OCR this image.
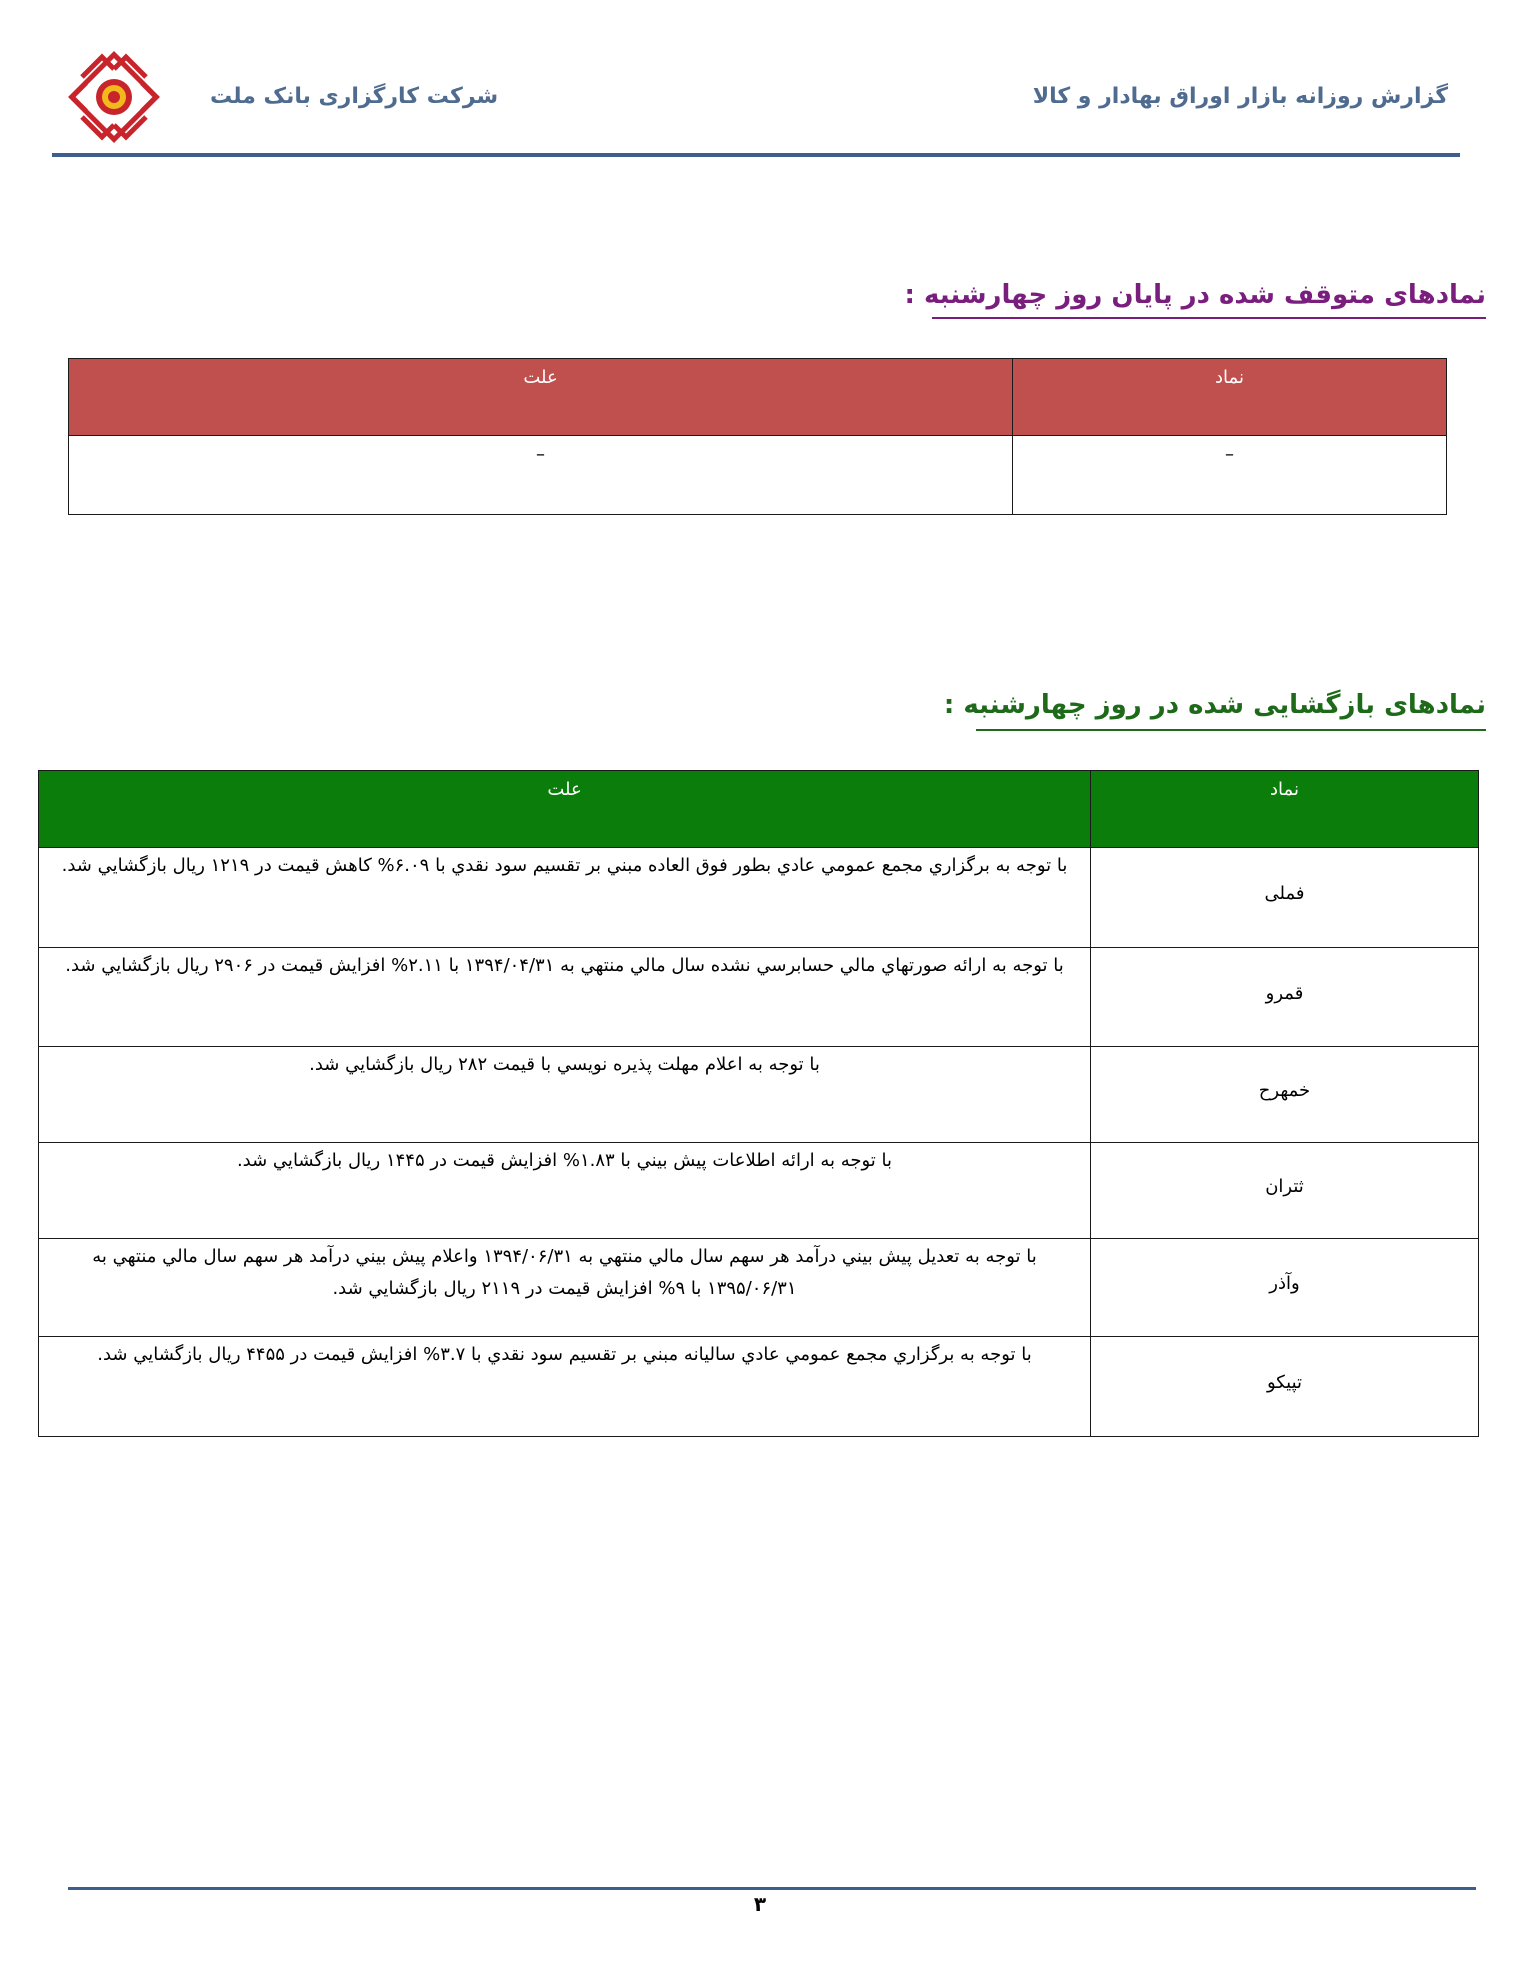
شرکت کارگزاری بانک ملت	گزارش روزانه بازار اوراق بهادار و کالا
نمادهای متوقف شده در پایان روز چهارشنبه :
نماد	علت
–	–
نمادهای بازگشایی شده در روز چهارشنبه :
نماد	علت
فملی	با توجه به برگزاري مجمع عمومي عادي بطور فوق العاده مبني بر تقسيم سود نقدي با ۶.۰۹% كاهش قيمت در ۱۲۱۹ ريال بازگشايي شد.
قمرو	با توجه به ارائه صورتهاي مالي حسابرسي نشده سال مالي منتهي به ۱۳۹۴/۰۴/۳۱ با ۲.۱۱% افزايش قيمت در ۲۹۰۶ ريال بازگشايي شد.
خمهرح	با توجه به اعلام مهلت پذيره نويسي با قيمت ۲۸۲ ريال بازگشايي شد.
ثتران	با توجه به ارائه اطلاعات پيش بيني با ۱.۸۳% افزايش قيمت در ۱۴۴۵ ريال بازگشايي شد.
وآذر	با توجه به تعديل پيش بيني درآمد هر سهم سال مالي منتهي به ۱۳۹۴/۰۶/۳۱ واعلام پيش بيني درآمد هر سهم سال مالي منتهي به ۱۳۹۵/۰۶/۳۱ با ۹% افزايش قيمت در ۲۱۱۹ ريال بازگشايي شد.
تپیکو	با توجه به برگزاري مجمع عمومي عادي ساليانه مبني بر تقسيم سود نقدي با ۳.۷% افزايش قيمت در ۴۴۵۵ ريال بازگشايي شد.
۳
